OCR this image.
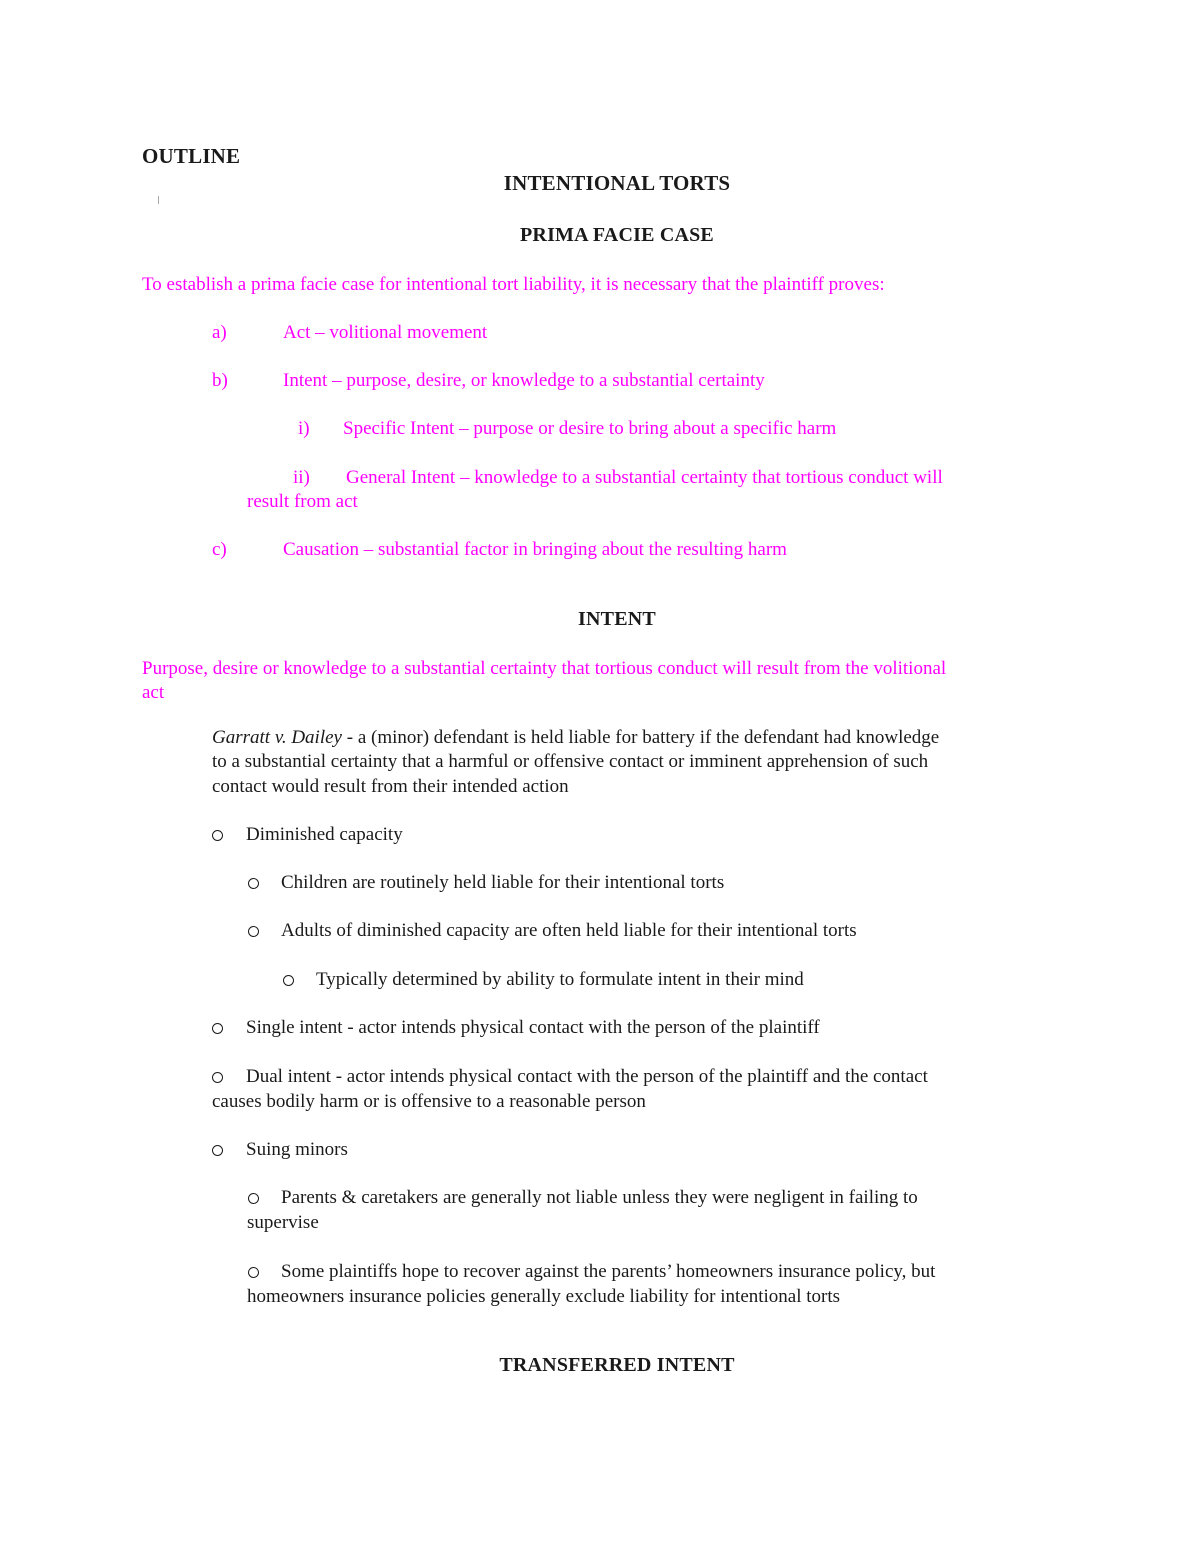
OUTLINE
INTENTIONAL TORTS
PRIMA FACIE CASE
To establish a prima facie case for intentional tort liability, it is necessary that the plaintiff proves:
a)	Act – volitional movement
b)	Intent – purpose, desire, or knowledge to a substantial certainty
i) Specific Intent – purpose or desire to bring about a specific harm
ii) General Intent – knowledge to a substantial certainty that tortious conduct will
result from act
c)	Causation – substantial factor in bringing about the resulting harm
INTENT
Purpose, desire or knowledge to a substantial certainty that tortious conduct will result from the volitional
act
Garratt v. Dailey - a (minor) defendant is held liable for battery if the defendant had knowledge
to a substantial certainty that a harmful or offensive contact or imminent apprehension of such
contact would result from their intended action
Diminished capacity
Children are routinely held liable for their intentional torts
Adults of diminished capacity are often held liable for their intentional torts
Typically determined by ability to formulate intent in their mind
Single intent - actor intends physical contact with the person of the plaintiff
Dual intent - actor intends physical contact with the person of the plaintiff and the contact
causes bodily harm or is offensive to a reasonable person
Suing minors
Parents & caretakers are generally not liable unless they were negligent in failing to
supervise
Some plaintiffs hope to recover against the parents’ homeowners insurance policy, but
homeowners insurance policies generally exclude liability for intentional torts
TRANSFERRED INTENT
